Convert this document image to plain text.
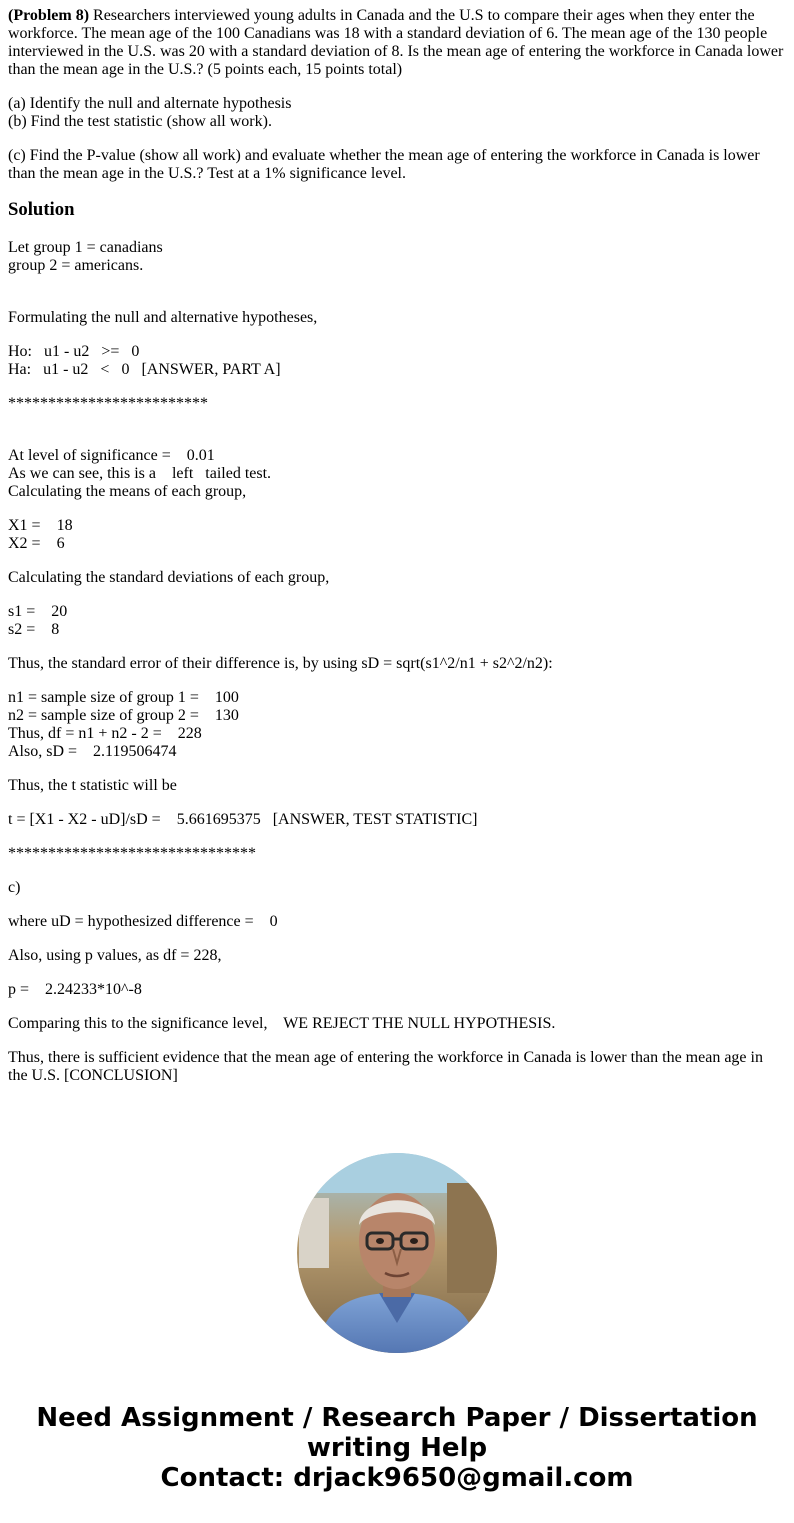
(Problem 8) Researchers interviewed young adults in Canada and the U.S to compare their ages when they enter the workforce. The mean age of the 100 Canadians was 18 with a standard deviation of 6. The mean age of the 130 people interviewed in the U.S. was 20 with a standard deviation of 8. Is the mean age of entering the workforce in Canada lower than the mean age in the U.S.? (5 points each, 15 points total)

(a) Identify the null and alternate hypothesis
(b) Find the test statistic (show all work).

(c) Find the P-value (show all work) and evaluate whether the mean age of entering the workforce in Canada is lower than the mean age in the U.S.? Test at a 1% significance level.

Solution

Let group 1 = canadians
group 2 = americans.

Formulating the null and alternative hypotheses,

Ho:   u1 - u2   >=   0
Ha:   u1 - u2   <   0   [ANSWER, PART A]

*************************

At level of significance =    0.01
As we can see, this is a    left   tailed test.
Calculating the means of each group,

X1 =    18
X2 =    6

Calculating the standard deviations of each group,

s1 =    20
s2 =    8

Thus, the standard error of their difference is, by using sD = sqrt(s1^2/n1 + s2^2/n2):

n1 = sample size of group 1 =    100
n2 = sample size of group 2 =    130
Thus, df = n1 + n2 - 2 =    228
Also, sD =    2.119506474

Thus, the t statistic will be

t = [X1 - X2 - uD]/sD =    5.661695375   [ANSWER, TEST STATISTIC]

*******************************

c)

where uD = hypothesized difference =    0

Also, using p values, as df = 228,

p =    2.24233*10^-8

Comparing this to the significance level,    WE REJECT THE NULL HYPOTHESIS.

Thus, there is sufficient evidence that the mean age of entering the workforce in Canada is lower than the mean age in the U.S. [CONCLUSION]

Need Assignment / Research Paper / Dissertation
writing Help
Contact: drjack9650@gmail.com
